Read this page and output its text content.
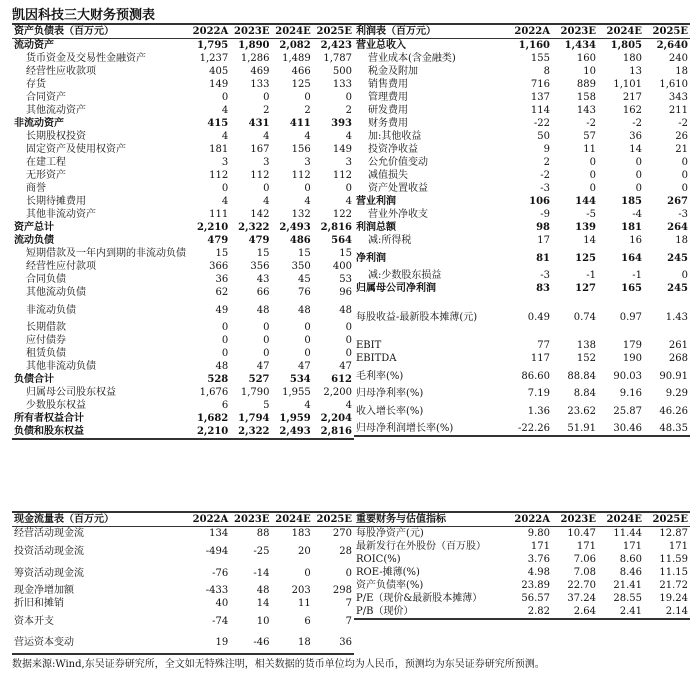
凯因科技三大财务预测表
资产负债表（百万元）	2022A	2023E	2024E	2025E
流动资产	1,795	1,890	2,082	2,423
货币资金及交易性金融资产	1,237	1,286	1,489	1,787
经营性应收款项	405	469	466	500
存货	149	133	125	133
合同资产	0	0	0	0
其他流动资产	4	2	2	2
非流动资产	415	431	411	393
长期股权投资	4	4	4	4
固定资产及使用权资产	181	167	156	149
在建工程	3	3	3	3
无形资产	112	112	112	112
商誉	0	0	0	0
长期待摊费用	4	4	4	4
其他非流动资产	111	142	132	122
资产总计	2,210	2,322	2,493	2,816
流动负债	479	479	486	564
短期借款及一年内到期的非流动负债	15	15	15	15
经营性应付款项	366	356	350	400
合同负债	36	43	45	53
其他流动负债	62	66	76	96
非流动负债	49	48	48	48
长期借款	0	0	0	0
应付债券	0	0	0	0
租赁负债	0	0	0	0
其他非流动负债	48	47	47	47
负债合计	528	527	534	612
归属母公司股东权益	1,676	1,790	1,955	2,200
少数股东权益	6	5	4	4
所有者权益合计	1,682	1,794	1,959	2,204
负债和股东权益	2,210	2,322	2,493	2,816
利润表（百万元）	2022A	2023E	2024E	2025E
营业总收入	1,160	1,434	1,805	2,640
营业成本(含金融类)	155	160	180	240
税金及附加	8	10	13	18
销售费用	716	889	1,101	1,610
管理费用	137	158	217	343
研发费用	114	143	162	211
财务费用	-22	-2	-2	-2
加:其他收益	50	57	36	26
投资净收益	9	11	14	21
公允价值变动	2	0	0	0
减值损失	-2	0	0	0
资产处置收益	-3	0	0	0
营业利润	106	144	185	267
营业外净收支	-9	-5	-4	-3
利润总额	98	139	181	264
减:所得税	17	14	16	18
净利润	81	125	164	245
减:少数股东损益	-3	-1	-1	0
归属母公司净利润	83	127	165	245
每股收益-最新股本摊薄(元)	0.49	0.74	0.97	1.43
EBIT	77	138	179	261
EBITDA	117	152	190	268
毛利率(%)	86.60	88.84	90.03	90.91
归母净利率(%)	7.19	8.84	9.16	9.29
收入增长率(%)	1.36	23.62	25.87	46.26
归母净利润增长率(%)	-22.26	51.91	30.46	48.35
现金流量表（百万元）	2022A	2023E	2024E	2025E
经营活动现金流	134	88	183	270
投资活动现金流	-494	-25	20	28
筹资活动现金流	-76	-14	0	0
现金净增加额	-433	48	203	298
折旧和摊销	40	14	11	7
资本开支	-74	10	6	7
营运资本变动	19	-46	18	36
重要财务与估值指标	2022A	2023E	2024E	2025E
每股净资产(元)	9.80	10.47	11.44	12.87
最新发行在外股份（百万股）	171	171	171	171
ROIC(%)	3.76	7.06	8.60	11.59
ROE-摊薄(%)	4.98	7.08	8.46	11.15
资产负债率(%)	23.89	22.70	21.41	21.72
P/E（现价&最新股本摊薄）	56.57	37.24	28.55	19.24
P/B（现价）	2.82	2.64	2.41	2.14
数据来源:Wind,东吴证券研究所，全文如无特殊注明，相关数据的货币单位均为人民币，预测均为东吴证券研究所预测。
